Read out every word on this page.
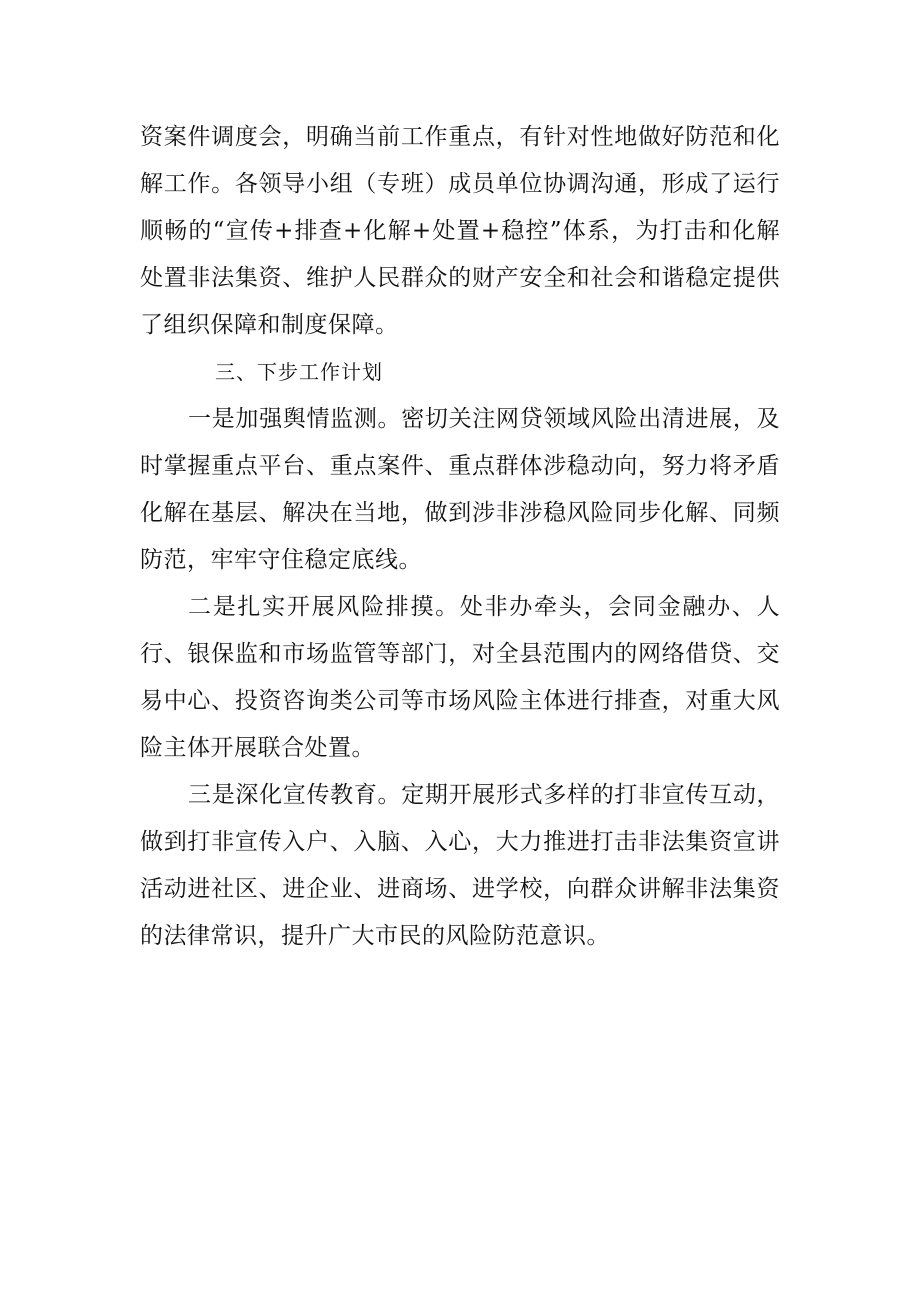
资案件调度会，明确当前工作重点，有针对性地做好防范和化解工作。各领导小组（专班）成员单位协调沟通，形成了运行顺畅的“宣传+排查+化解+处置+稳控”体系，为打击和化解处置非法集资、维护人民群众的财产安全和社会和谐稳定提供了组织保障和制度保障。

三、下步工作计划

一是加强舆情监测。密切关注网贷领域风险出清进展，及时掌握重点平台、重点案件、重点群体涉稳动向，努力将矛盾化解在基层、解决在当地，做到涉非涉稳风险同步化解、同频防范，牢牢守住稳定底线。

二是扎实开展风险排摸。处非办牵头，会同金融办、人行、银保监和市场监管等部门，对全县范围内的网络借贷、交易中心、投资咨询类公司等市场风险主体进行排查，对重大风险主体开展联合处置。

三是深化宣传教育。定期开展形式多样的打非宣传互动，做到打非宣传入户、入脑、入心，大力推进打击非法集资宣讲活动进社区、进企业、进商场、进学校，向群众讲解非法集资的法律常识，提升广大市民的风险防范意识。
